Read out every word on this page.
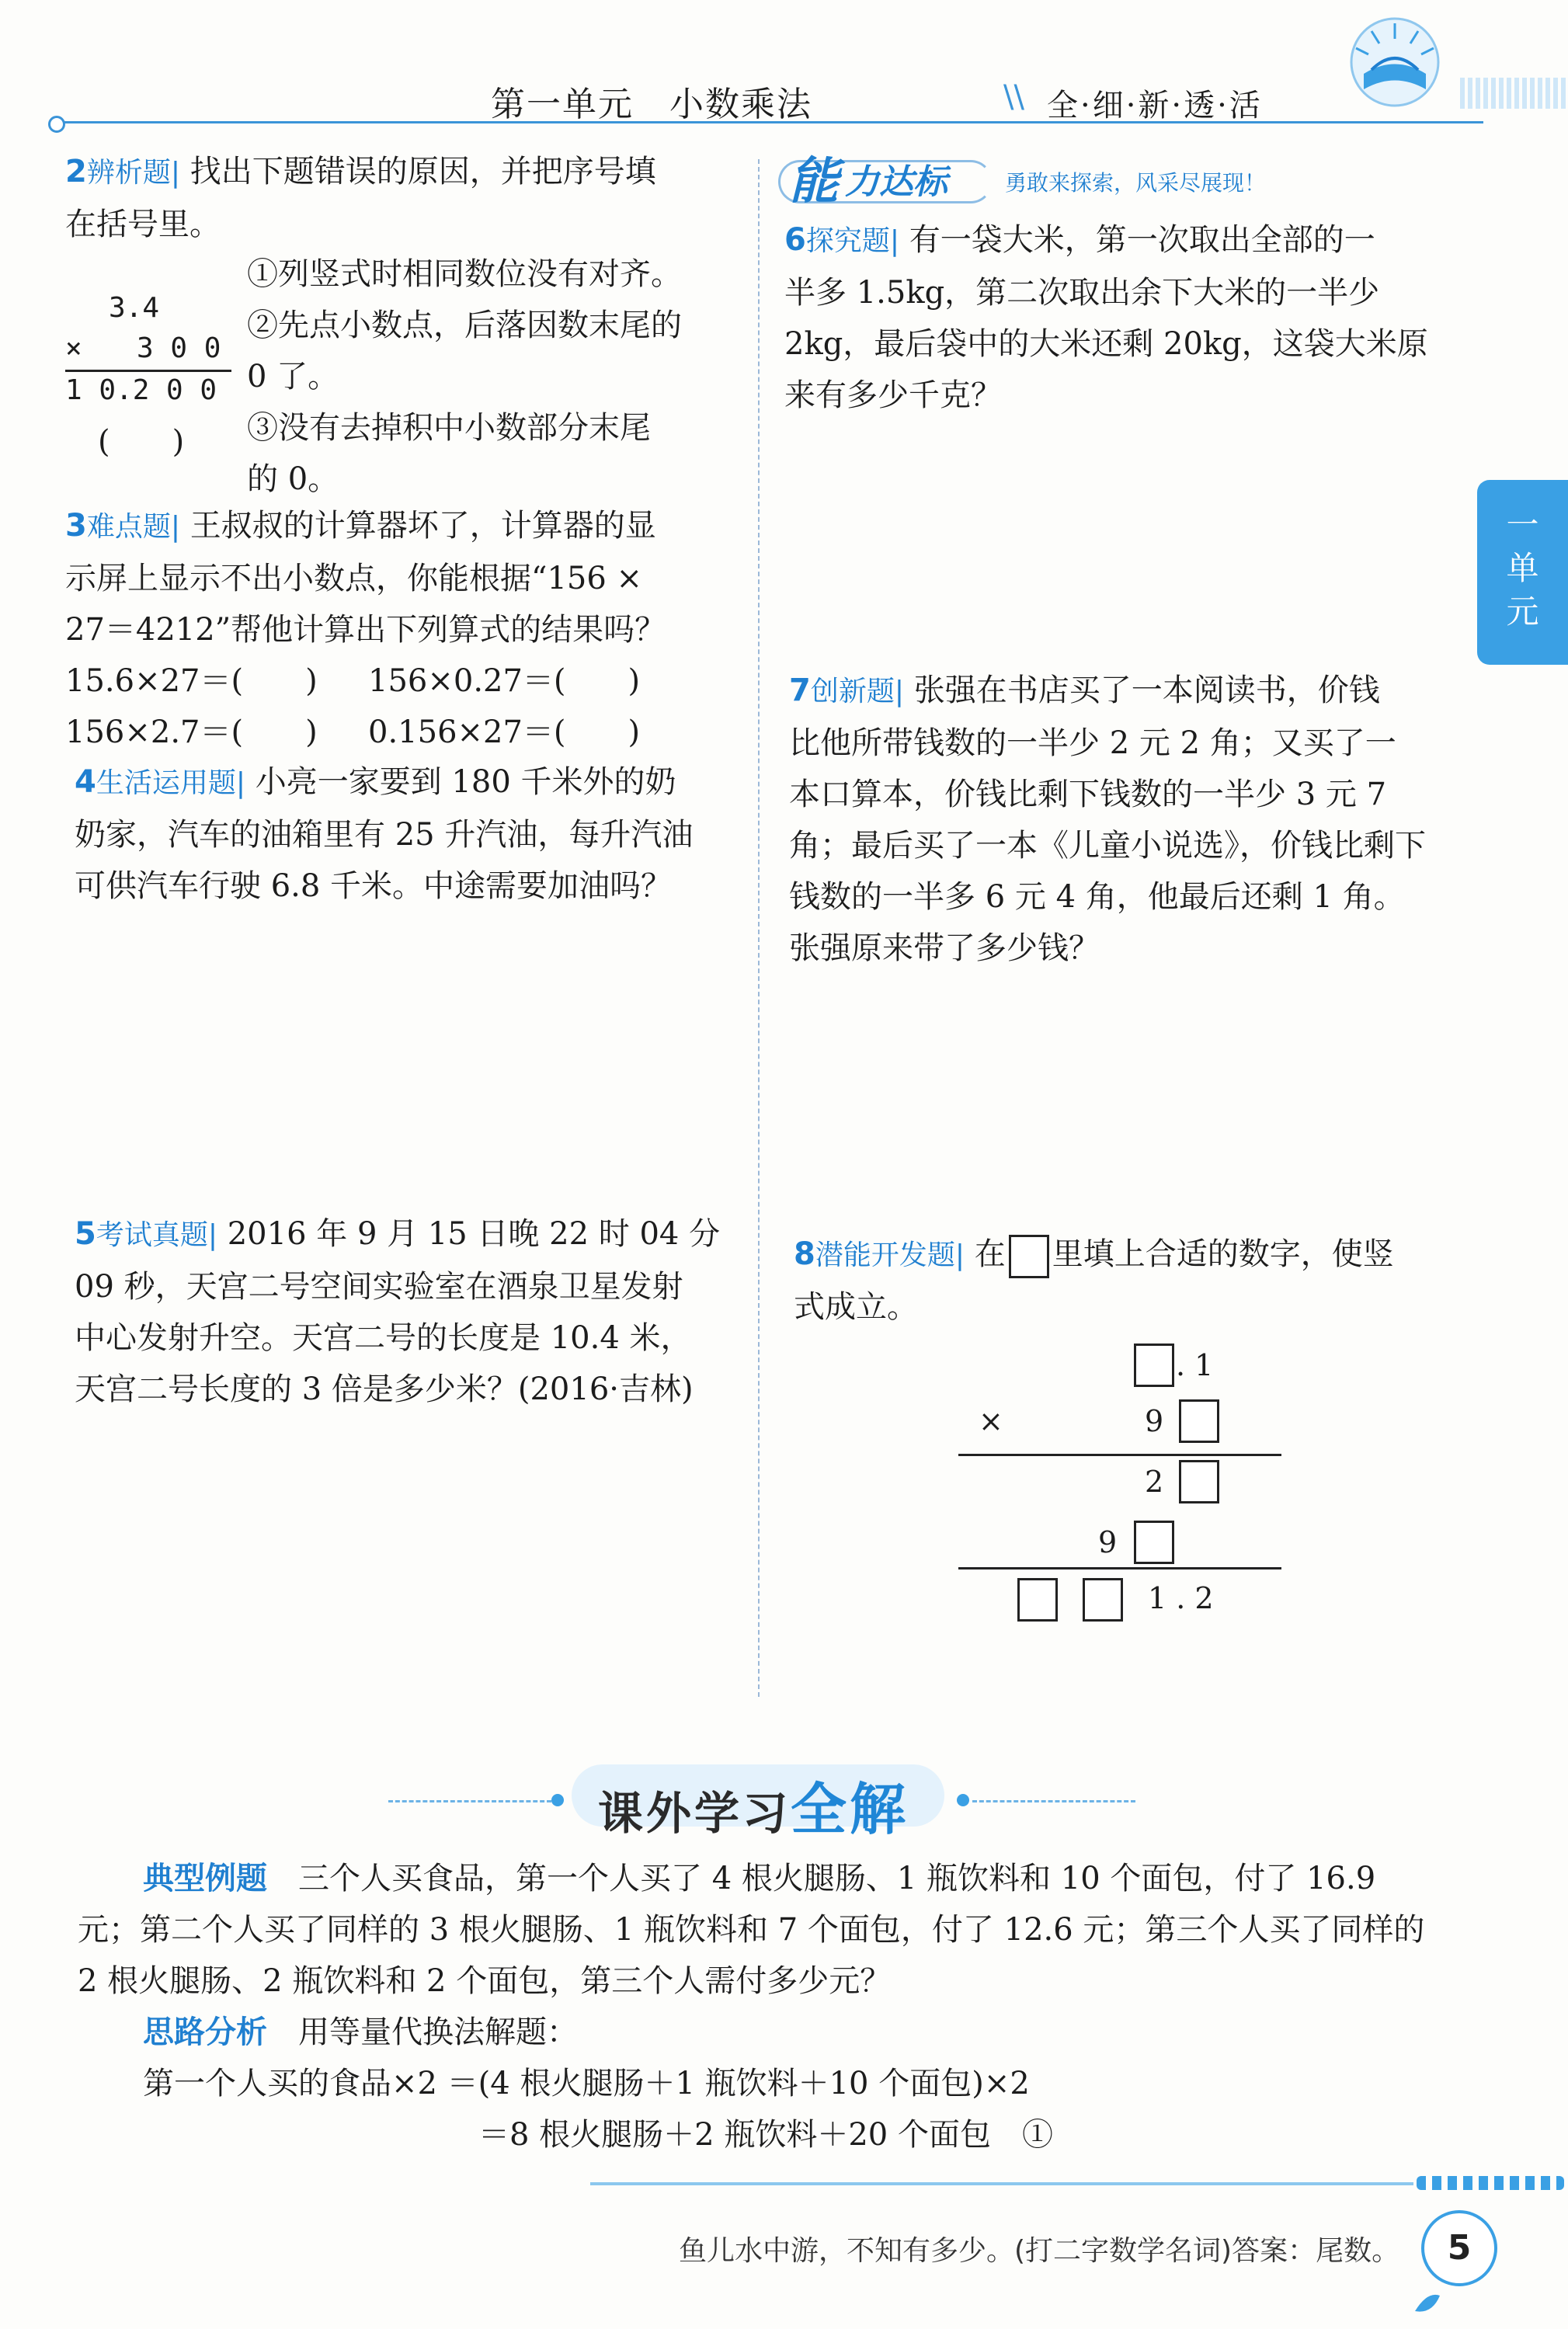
第一单元　小数乘法	\\ 全·细·新·透·活
一单元
2辨析题| 找出下题错误的原因，并把序号填
在括号里。
3.4
× 3 0 0
1 0.2 0 0
(　　)
①列竖式时相同数位没有对齐。
②先点小数点，后落因数末尾的
0 了。
③没有去掉积中小数部分末尾
的 0。
3难点题| 王叔叔的计算器坏了，计算器的显
示屏上显示不出小数点，你能根据“156 ×
27＝4212”帮他计算出下列算式的结果吗？
15.6×27＝(　　) 156×0.27＝(　　)
156×2.7＝(　　) 0.156×27＝(　　)
4生活运用题| 小亮一家要到 180 千米外的奶
奶家，汽车的油箱里有 25 升汽油，每升汽油
可供汽车行驶 6.8 千米。中途需要加油吗？
5考试真题| 2016 年 9 月 15 日晚 22 时 04 分
09 秒，天宫二号空间实验室在酒泉卫星发射
中心发射升空。天宫二号的长度是 10.4 米，
天宫二号长度的 3 倍是多少米？(2016·吉林)
能 力达标	勇敢来探索，风采尽展现！
6探究题| 有一袋大米，第一次取出全部的一
半多 1.5kg，第二次取出余下大米的一半少
2kg，最后袋中的大米还剩 20kg，这袋大米原
来有多少千克？
7创新题| 张强在书店买了一本阅读书，价钱
比他所带钱数的一半少 2 元 2 角；又买了一
本口算本，价钱比剩下钱数的一半少 3 元 7
角；最后买了一本《儿童小说选》，价钱比剩下
钱数的一半多 6 元 4 角，他最后还剩 1 角。
张强原来带了多少钱？
8潜能开发题| 在 里填上合适的数字，使竖
式成立。
. 1
×	9
2
9
1 . 2
课外学习全解
典型例题　 三个人买食品，第一个人买了 4 根火腿肠、1 瓶饮料和 10 个面包，付了 16.9
元；第二个人买了同样的 3 根火腿肠、1 瓶饮料和 7 个面包，付了 12.6 元；第三个人买了同样的
2 根火腿肠、2 瓶饮料和 2 个面包，第三个人需付多少元？
思路分析　 用等量代换法解题：
第一个人买的食品×2 ＝(4 根火腿肠＋1 瓶饮料＋10 个面包)×2
＝8 根火腿肠＋2 瓶饮料＋20 个面包　①
鱼儿水中游，不知有多少。(打二字数学名词)答案：尾数。	5
